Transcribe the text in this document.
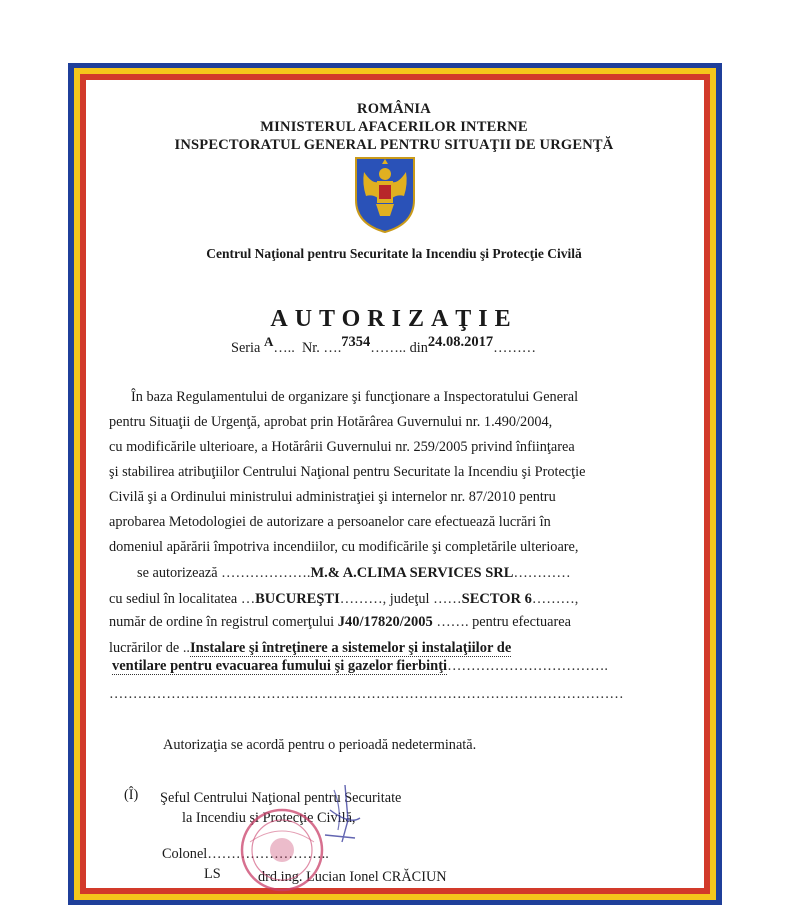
ROMÂNIA
MINISTERUL AFACERILOR INTERNE
INSPECTORATUL GENERAL PENTRU SITUAŢII DE URGENŢĂ
Centrul Naţional pentru Securitate la Incendiu şi Protecţie Civilă
AUTORIZAŢIE
Seria A….. Nr. ….7354…….. din24.08.2017………
În baza Regulamentului de organizare şi funcţionare a Inspectoratului General
pentru Situaţii de Urgenţă, aprobat prin Hotărârea Guvernului nr. 1.490/2004,
cu modificările ulterioare, a Hotărârii Guvernului nr. 259/2005 privind înfiinţarea
şi stabilirea atribuţiilor Centrului Naţional pentru Securitate la Incendiu şi Protecţie
Civilă şi a Ordinului ministrului administraţiei şi internelor nr. 87/2010 pentru
aprobarea Metodologiei de autorizare a persoanelor care efectuează lucrări în
domeniul apărării împotriva incendiilor, cu modificările şi completările ulterioare,
se autorizează ……………….M.& A.CLIMA SERVICES SRL…………
cu sediul în localitatea …BUCUREŞTI………, judeţul ……SECTOR 6………,
număr de ordine în registrul comerţului J40/17820/2005 ……. pentru efectuarea
lucrărilor de ..Instalare şi întreţinere a sistemelor şi instalaţiilor de
ventilare pentru evacuarea fumului şi gazelor fierbinţi…………………………….
………………………………………………………………………………………………
Autorizaţia se acordă pentru o perioadă nedeterminată.
(Î) Şeful Centrului Naţional pentru Securitate
la Incendiu şi Protecţie Civilă,
Colonel……………………..
LS	drd.ing. Lucian Ionel CRĂCIUN
